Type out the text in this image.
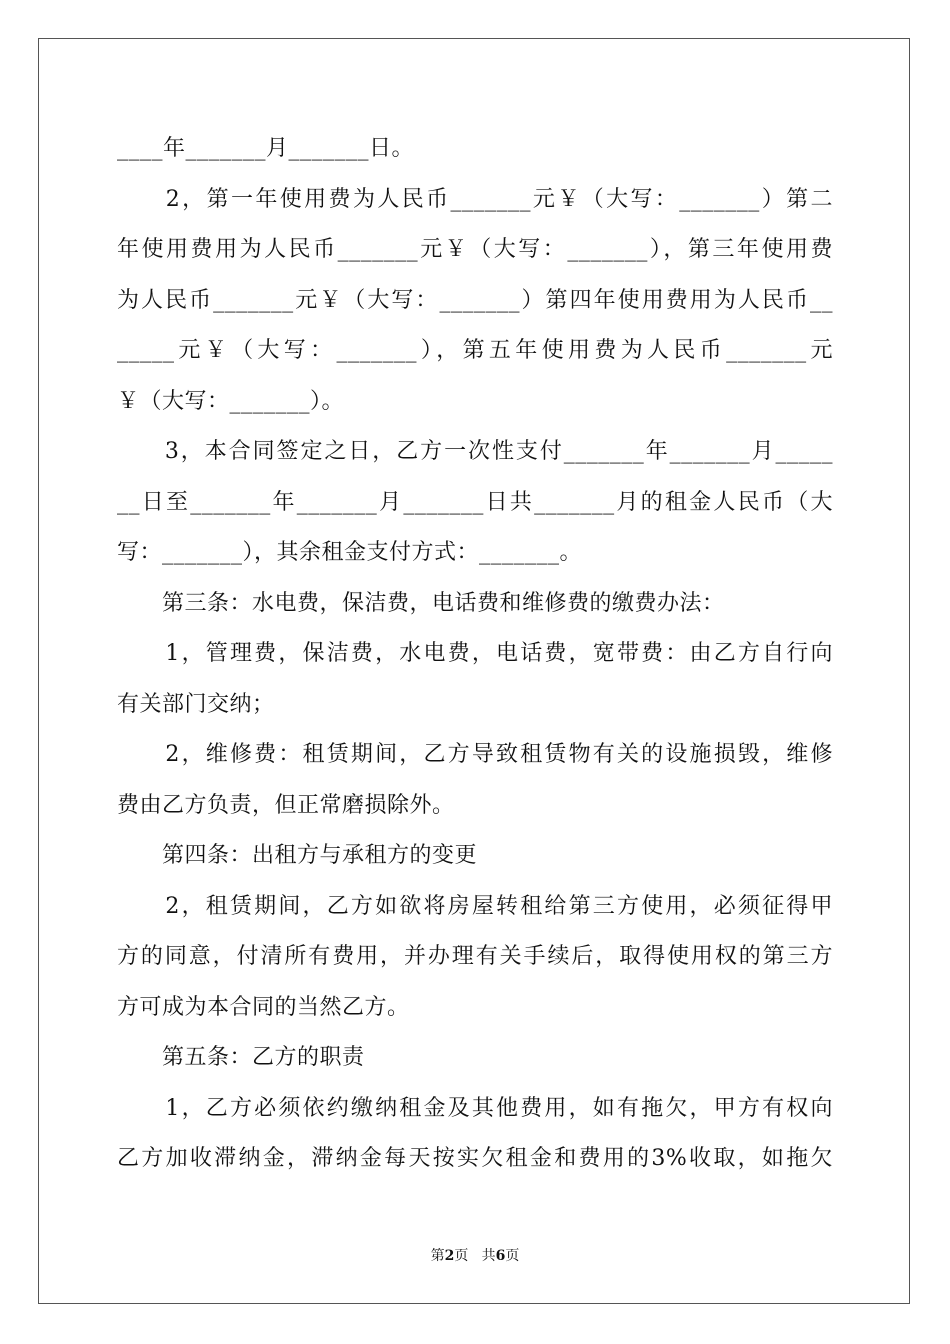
____年_______月_______日。
　　2，第一年使用费为人民币_______元￥（大写：_______）第二
年使用费用为人民币_______元￥（大写：_______），第三年使用费
为人民币_______元￥（大写：_______）第四年使用费用为人民币__
_____元￥（大写：_______），第五年使用费为人民币_______元
￥（大写：_______）。
　　3，本合同签定之日，乙方一次性支付_______年_______月_____
__日至_______年_______月_______日共_______月的租金人民币（大
写：_______），其余租金支付方式：_______。
　　第三条：水电费，保洁费，电话费和维修费的缴费办法：
　　1，管理费，保洁费，水电费，电话费，宽带费：由乙方自行向
有关部门交纳；
　　2，维修费：租赁期间，乙方导致租赁物有关的设施损毁，维修
费由乙方负责，但正常磨损除外。
　　第四条：出租方与承租方的变更
　　2，租赁期间，乙方如欲将房屋转租给第三方使用，必须征得甲
方的同意，付清所有费用，并办理有关手续后，取得使用权的第三方
方可成为本合同的当然乙方。
　　第五条：乙方的职责
　　1，乙方必须依约缴纳租金及其他费用，如有拖欠，甲方有权向
乙方加收滞纳金，滞纳金每天按实欠租金和费用的3%收取，如拖欠
第2页 共6页
